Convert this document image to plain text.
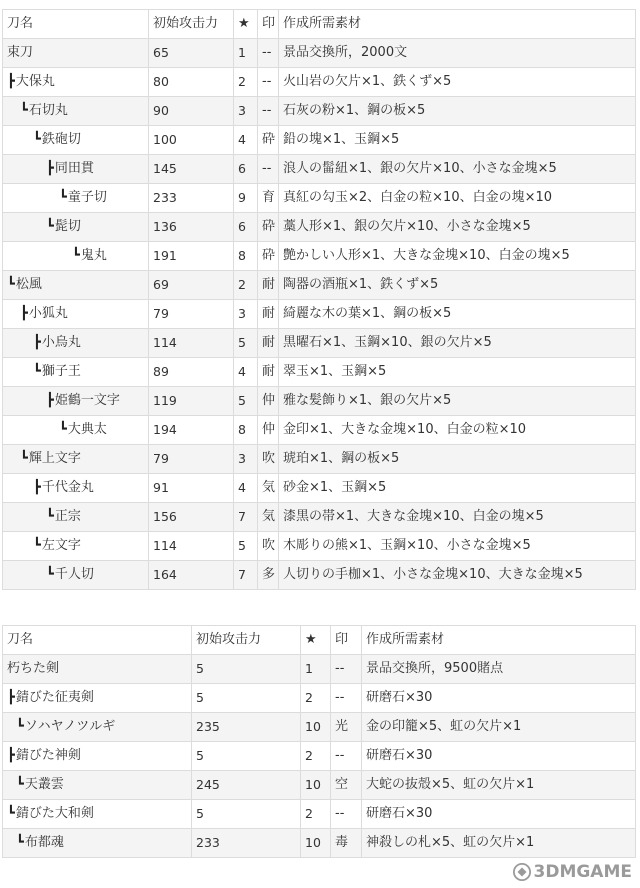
刀名	初始攻击力	★	印	作成所需素材
束刀	65	1	--	景品交換所，2000文
┣大保丸	80	2	--	火山岩の欠片×1、鉄くず×5
┗石切丸	90	3	--	石灰の粉×1、鋼の板×5
┗鉄砲切	100	4	砕	鉛の塊×1、玉鋼×5
┣同田貫	145	6	--	浪人の髷紐×1、銀の欠片×10、小さな金塊×5
┗童子切	233	9	育	真紅の勾玉×2、白金の粒×10、白金の塊×10
┗髭切	136	6	砕	藁人形×1、銀の欠片×10、小さな金塊×5
┗鬼丸	191	8	砕	艶かしい人形×1、大きな金塊×10、白金の塊×5
┗松風	69	2	耐	陶器の酒瓶×1、鉄くず×5
┣小狐丸	79	3	耐	綺麗な木の葉×1、鋼の板×5
┣小烏丸	114	5	耐	黒曜石×1、玉鋼×10、銀の欠片×5
┗獅子王	89	4	耐	翠玉×1、玉鋼×5
┣姫鶴一文字	119	5	仲	雅な髪飾り×1、銀の欠片×5
┗大典太	194	8	仲	金印×1、大きな金塊×10、白金の粒×10
┗輝上文字	79	3	吹	琥珀×1、鋼の板×5
┣千代金丸	91	4	気	砂金×1、玉鋼×5
┗正宗	156	7	気	漆黒の帯×1、大きな金塊×10、白金の塊×5
┗左文字	114	5	吹	木彫りの熊×1、玉鋼×10、小さな金塊×5
┗千人切	164	7	多	人切りの手枷×1、小さな金塊×10、大きな金塊×5
刀名	初始攻击力	★	印	作成所需素材
朽ちた剣	5	1	--	景品交換所，9500賭点
┣錆びた征夷剣	5	2	--	研磨石×30
┗ソハヤノツルギ	235	10	光	金の印籠×5、虹の欠片×1
┣錆びた神剣	5	2	--	研磨石×30
┗天叢雲	245	10	空	大蛇の抜殻×5、虹の欠片×1
┗錆びた大和剣	5	2	--	研磨石×30
┗布都魂	233	10	毒	神殺しの札×5、虹の欠片×1
3DMGAME
